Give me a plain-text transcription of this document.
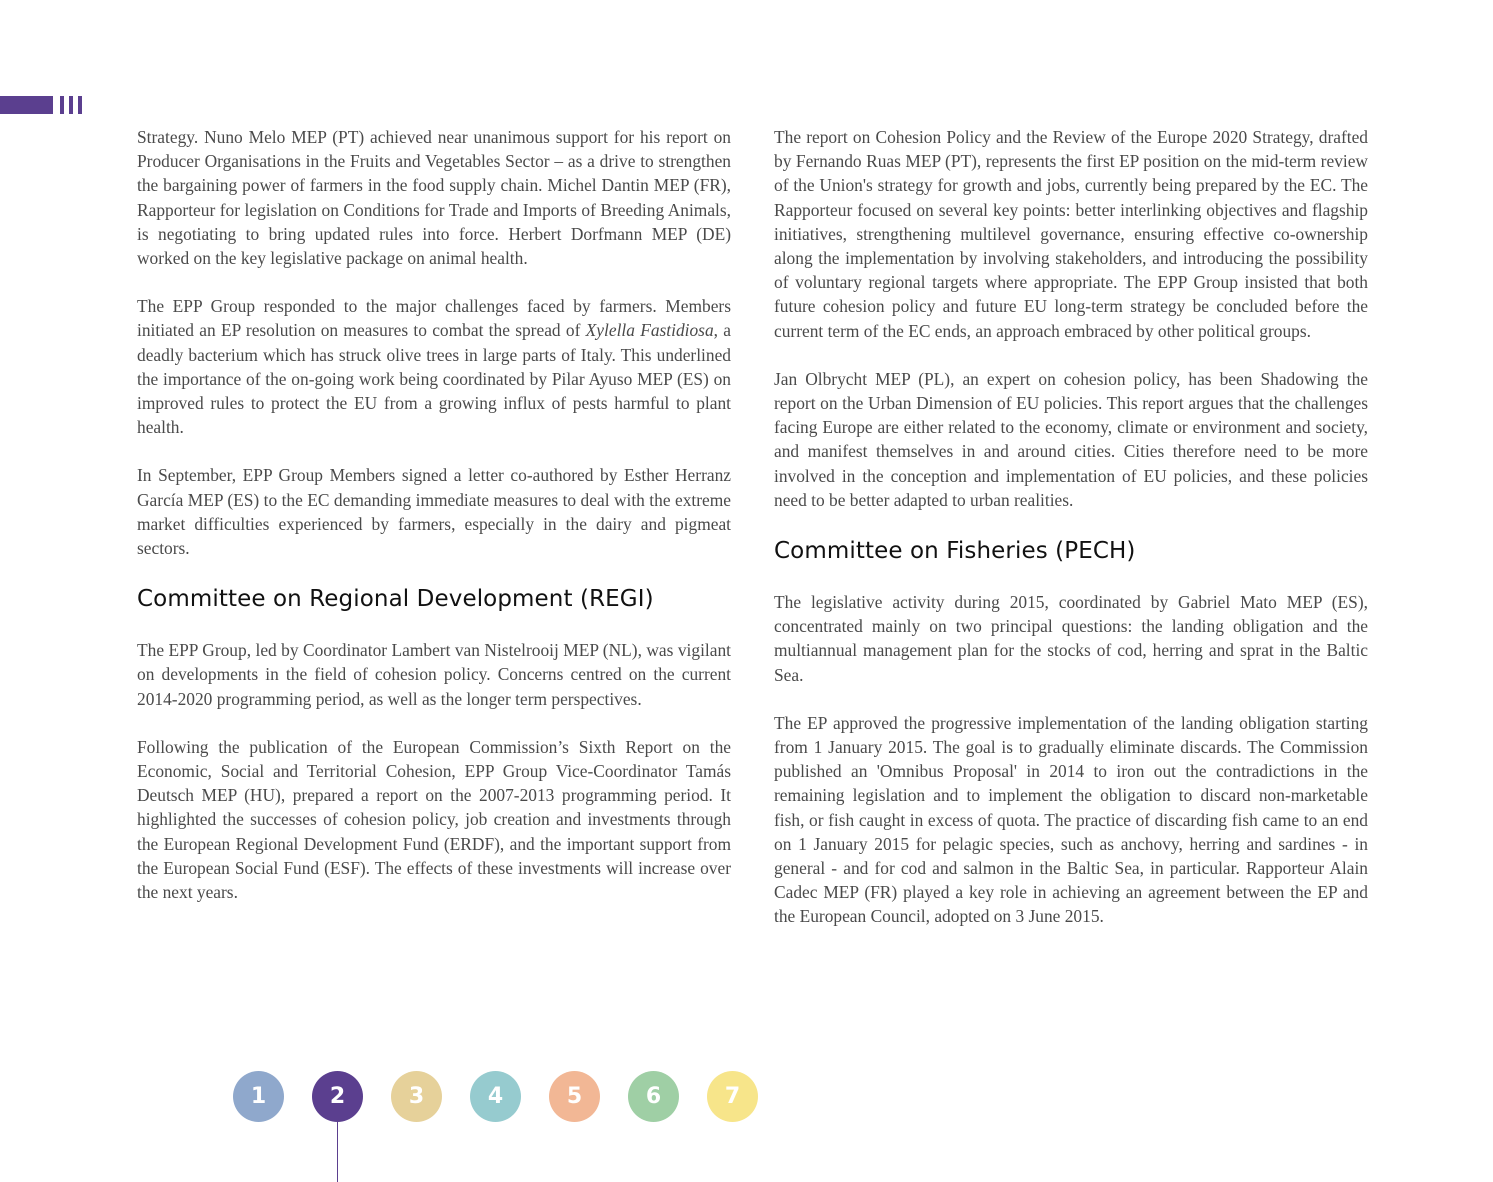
Strategy. Nuno Melo MEP (PT) achieved near unanimous support for his report on Producer Organisations in the Fruits and Vegetables Sector – as a drive to strengthen the bargaining power of farmers in the food supply chain. Michel Dantin MEP (FR), Rapporteur for legislation on Conditions for Trade and Imports of Breeding Animals, is negotiating to bring updated rules into force. Herbert Dorfmann MEP (DE) worked on the key legislative package on animal health.

The EPP Group responded to the major challenges faced by farmers. Members initiated an EP resolution on measures to combat the spread of Xylella Fastidiosa, a deadly bacterium which has struck olive trees in large parts of Italy. This underlined the importance of the on-going work being coordinated by Pilar Ayuso MEP (ES) on improved rules to protect the EU from a growing influx of pests harmful to plant health.

In September, EPP Group Members signed a letter co-authored by Esther Herranz García MEP (ES) to the EC demanding immediate measures to deal with the extreme market difficulties experienced by farmers, especially in the dairy and pigmeat sectors.

Committee on Regional Development (REGI)

The EPP Group, led by Coordinator Lambert van Nistelrooij MEP (NL), was vigilant on developments in the field of cohesion policy. Concerns centred on the current 2014-2020 programming period, as well as the longer term perspectives.

Following the publication of the European Commission’s Sixth Report on the Economic, Social and Territorial Cohesion, EPP Group Vice-Coordinator Tamás Deutsch MEP (HU), prepared a report on the 2007-2013 programming period. It highlighted the successes of cohesion policy, job creation and investments through the European Regional Development Fund (ERDF), and the important support from the European Social Fund (ESF). The effects of these investments will increase over the next years.

The report on Cohesion Policy and the Review of the Europe 2020 Strategy, drafted by Fernando Ruas MEP (PT), represents the first EP position on the mid-term review of the Union's strategy for growth and jobs, currently being prepared by the EC. The Rapporteur focused on several key points: better interlinking objectives and flagship initiatives, strengthening multilevel governance, ensuring effective co-ownership along the implementation by involving stakeholders, and introducing the possibility of voluntary regional targets where appropriate. The EPP Group insisted that both future cohesion policy and future EU long-term strategy be concluded before the current term of the EC ends, an approach embraced by other political groups.

Jan Olbrycht MEP (PL), an expert on cohesion policy, has been Shadowing the report on the Urban Dimension of EU policies. This report argues that the challenges facing Europe are either related to the economy, climate or environment and society, and manifest themselves in and around cities. Cities therefore need to be more involved in the conception and implementation of EU policies, and these policies need to be better adapted to urban realities.

Committee on Fisheries (PECH)

The legislative activity during 2015, coordinated by Gabriel Mato MEP (ES), concentrated mainly on two principal questions: the landing obligation and the multiannual management plan for the stocks of cod, herring and sprat in the Baltic Sea.

The EP approved the progressive implementation of the landing obligation starting from 1 January 2015. The goal is to gradually eliminate discards. The Commission published an 'Omnibus Proposal' in 2014 to iron out the contradictions in the remaining legislation and to implement the obligation to discard non-marketable fish, or fish caught in excess of quota. The practice of discarding fish came to an end on 1 January 2015 for pelagic species, such as anchovy, herring and sardines - in general - and for cod and salmon in the Baltic Sea, in particular. Rapporteur Alain Cadec MEP (FR) played a key role in achieving an agreement between the EP and the European Council, adopted on 3 June 2015.

1	2	3	4	5	6	7
